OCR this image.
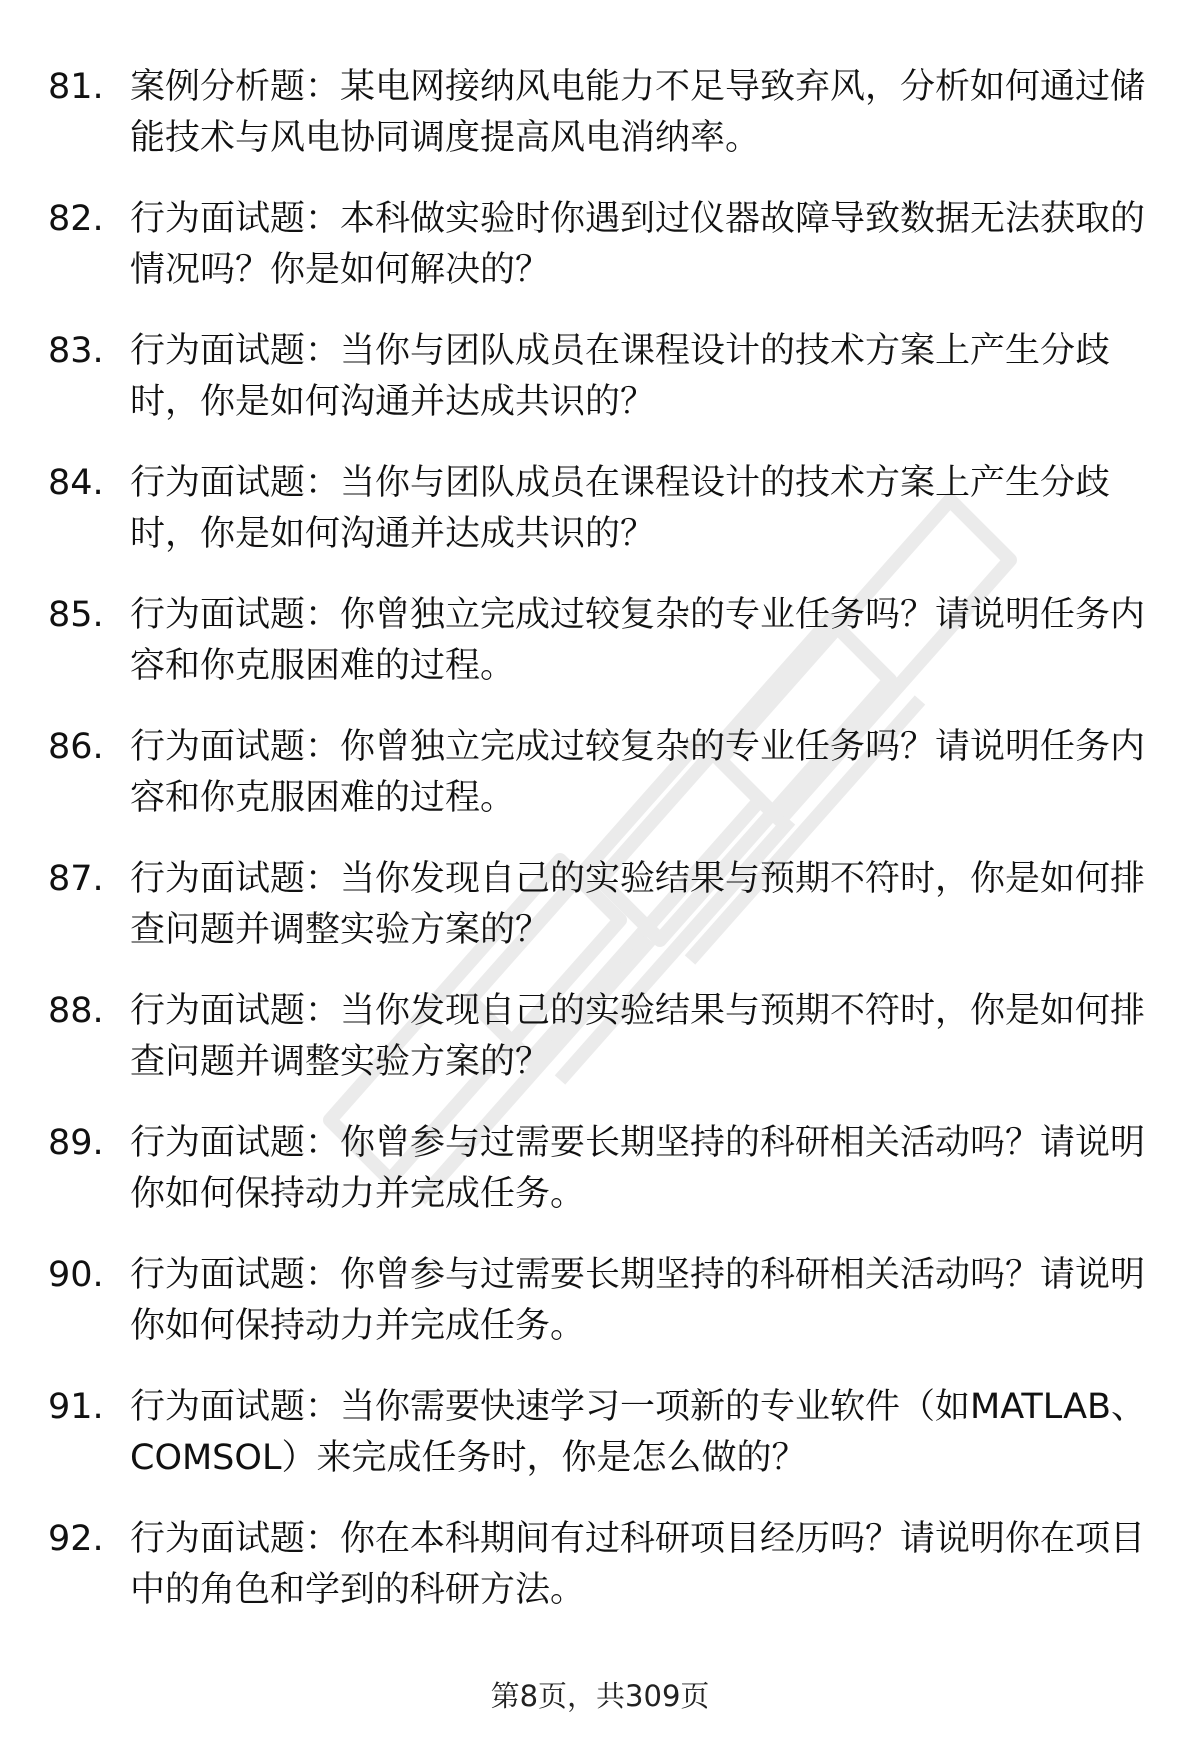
81. 案例分析题：某电网接纳风电能力不足导致弃风，分析如何通过储能技术与风电协同调度提高风电消纳率。
82. 行为面试题：本科做实验时你遇到过仪器故障导致数据无法获取的情况吗？你是如何解决的？
83. 行为面试题：当你与团队成员在课程设计的技术方案上产生分歧时，你是如何沟通并达成共识的？
84. 行为面试题：当你与团队成员在课程设计的技术方案上产生分歧时，你是如何沟通并达成共识的？
85. 行为面试题：你曾独立完成过较复杂的专业任务吗？请说明任务内容和你克服困难的过程。
86. 行为面试题：你曾独立完成过较复杂的专业任务吗？请说明任务内容和你克服困难的过程。
87. 行为面试题：当你发现自己的实验结果与预期不符时，你是如何排查问题并调整实验方案的？
88. 行为面试题：当你发现自己的实验结果与预期不符时，你是如何排查问题并调整实验方案的？
89. 行为面试题：你曾参与过需要长期坚持的科研相关活动吗？请说明你如何保持动力并完成任务。
90. 行为面试题：你曾参与过需要长期坚持的科研相关活动吗？请说明你如何保持动力并完成任务。
91. 行为面试题：当你需要快速学习一项新的专业软件（如MATLAB、COMSOL）来完成任务时，你是怎么做的？
92. 行为面试题：你在本科期间有过科研项目经历吗？请说明你在项目中的角色和学到的科研方法。
第8页，共309页
